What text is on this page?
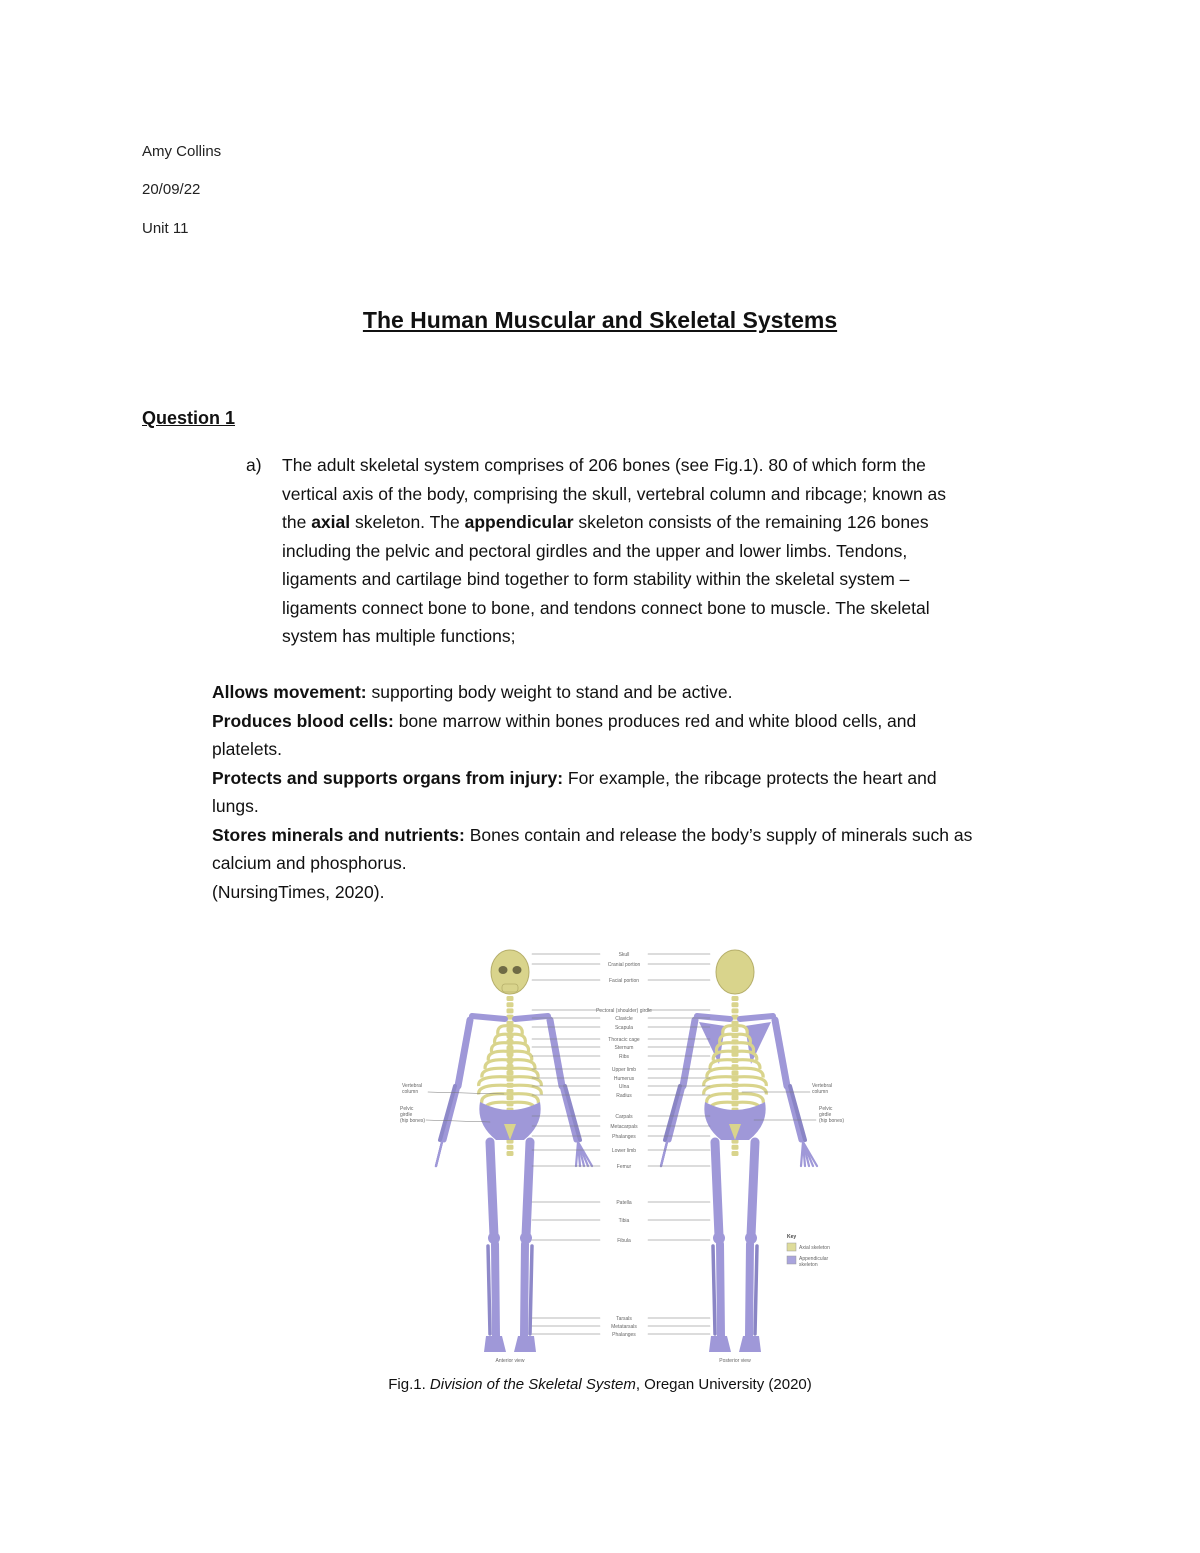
Amy Collins
20/09/22
Unit 11
The Human Muscular and Skeletal Systems
Question 1
a) The adult skeletal system comprises of 206 bones (see Fig.1). 80 of which form the
vertical axis of the body, comprising the skull, vertebral column and ribcage; known as
the axial skeleton. The appendicular skeleton consists of the remaining 126 bones
including the pelvic and pectoral girdles and the upper and lower limbs. Tendons,
ligaments and cartilage bind together to form stability within the skeletal system –
ligaments connect bone to bone, and tendons connect bone to muscle. The skeletal
system has multiple functions;
Allows movement: supporting body weight to stand and be active.
Produces blood cells: bone marrow within bones produces red and white blood cells, and
platelets.
Protects and supports organs from injury: For example, the ribcage protects the heart and
lungs.
Stores minerals and nutrients: Bones contain and release the body’s supply of minerals such as
calcium and phosphorus.
(NursingTimes, 2020).
Skull
Cranial portion
Facial portion
Pectoral (shoulder) girdle
Clavicle
Scapula
Thoracic cage
Sternum
Ribs
Upper limb
Humerus
Ulna
Radius
Carpals
Metacarpals
Phalanges
Lower limb
Femur
Patella
Tibia
Fibula
Tarsals
Metatarsals
Phalanges
Vertebral
column
Pelvic
girdle
(hip bones)
Vertebral
column
Pelvic
girdle
(hip bones)
Anterior view	Posterior view
Key
Axial skeleton
Appendicular
skeleton
Fig.1. Division of the Skeletal System, Oregan University (2020)
